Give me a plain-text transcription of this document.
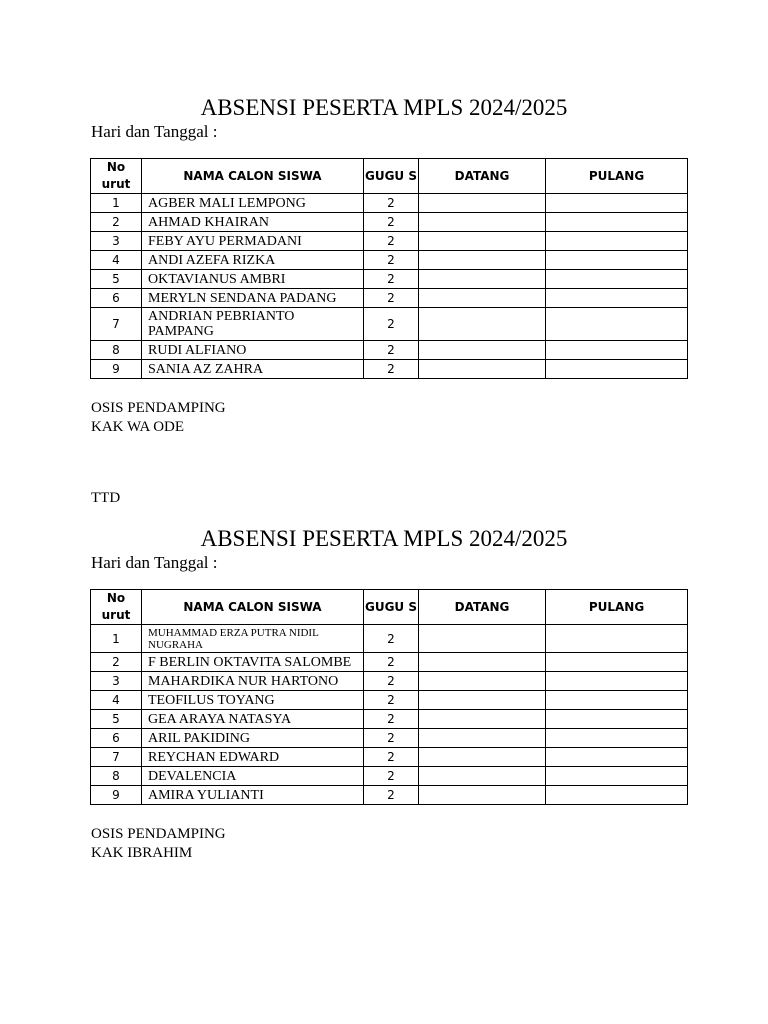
ABSENSI PESERTA MPLS 2024/2025

Hari dan Tanggal :

No urut	NAMA CALON SISWA	GUGU S	DATANG	PULANG
1	AGBER MALI LEMPONG	2		
2	AHMAD KHAIRAN	2		
3	FEBY AYU PERMADANI	2		
4	ANDI AZEFA RIZKA	2		
5	OKTAVIANUS AMBRI	2		
6	MERYLN SENDANA PADANG	2		
7	ANDRIAN PEBRIANTO PAMPANG	2		
8	RUDI ALFIANO	2		
9	SANIA AZ ZAHRA	2		

OSIS PENDAMPING

KAK WA ODE

TTD

ABSENSI PESERTA MPLS 2024/2025

Hari dan Tanggal :

No urut	NAMA CALON SISWA	GUGU S	DATANG	PULANG
1	MUHAMMAD ERZA PUTRA NIDIL NUGRAHA	2		
2	F BERLIN OKTAVITA SALOMBE	2		
3	MAHARDIKA NUR HARTONO	2		
4	TEOFILUS TOYANG	2		
5	GEA ARAYA NATASYA	2		
6	ARIL PAKIDING	2		
7	REYCHAN EDWARD	2		
8	DEVALENCIA	2		
9	AMIRA YULIANTI	2		

OSIS PENDAMPING

KAK IBRAHIM
